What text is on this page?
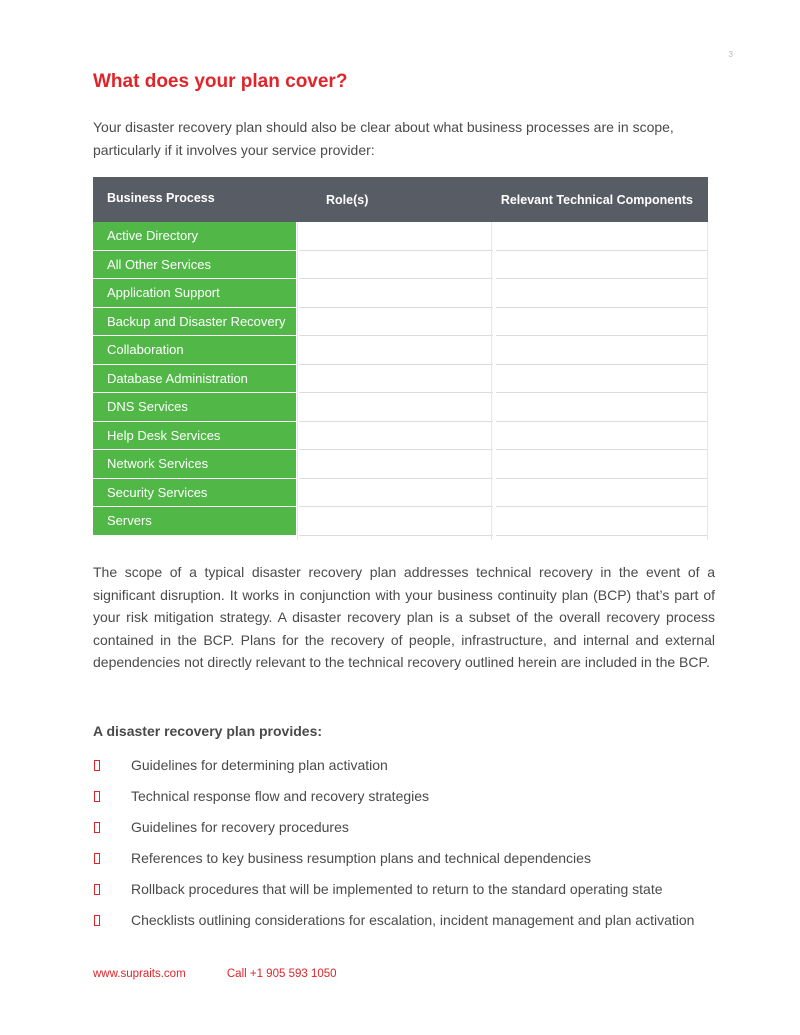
3
What does your plan cover?

Your disaster recovery plan should also be clear about what business processes are in scope, particularly if it involves your service provider:

Business Process	Role(s)	Relevant Technical Components
Active Directory
All Other Services
Application Support
Backup and Disaster Recovery
Collaboration
Database Administration
DNS Services
Help Desk Services
Network Services
Security Services
Servers

The scope of a typical disaster recovery plan addresses technical recovery in the event of a significant disruption. It works in conjunction with your business continuity plan (BCP) that’s part of your risk mitigation strategy. A disaster recovery plan is a subset of the overall recovery process contained in the BCP. Plans for the recovery of people, infrastructure, and internal and external dependencies not directly relevant to the technical recovery outlined herein are included in the BCP.

A disaster recovery plan provides:

Guidelines for determining plan activation
Technical response flow and recovery strategies
Guidelines for recovery procedures
References to key business resumption plans and technical dependencies
Rollback procedures that will be implemented to return to the standard operating state
Checklists outlining considerations for escalation, incident management and plan activation
www.supraits.com	Call +1 905 593 1050
